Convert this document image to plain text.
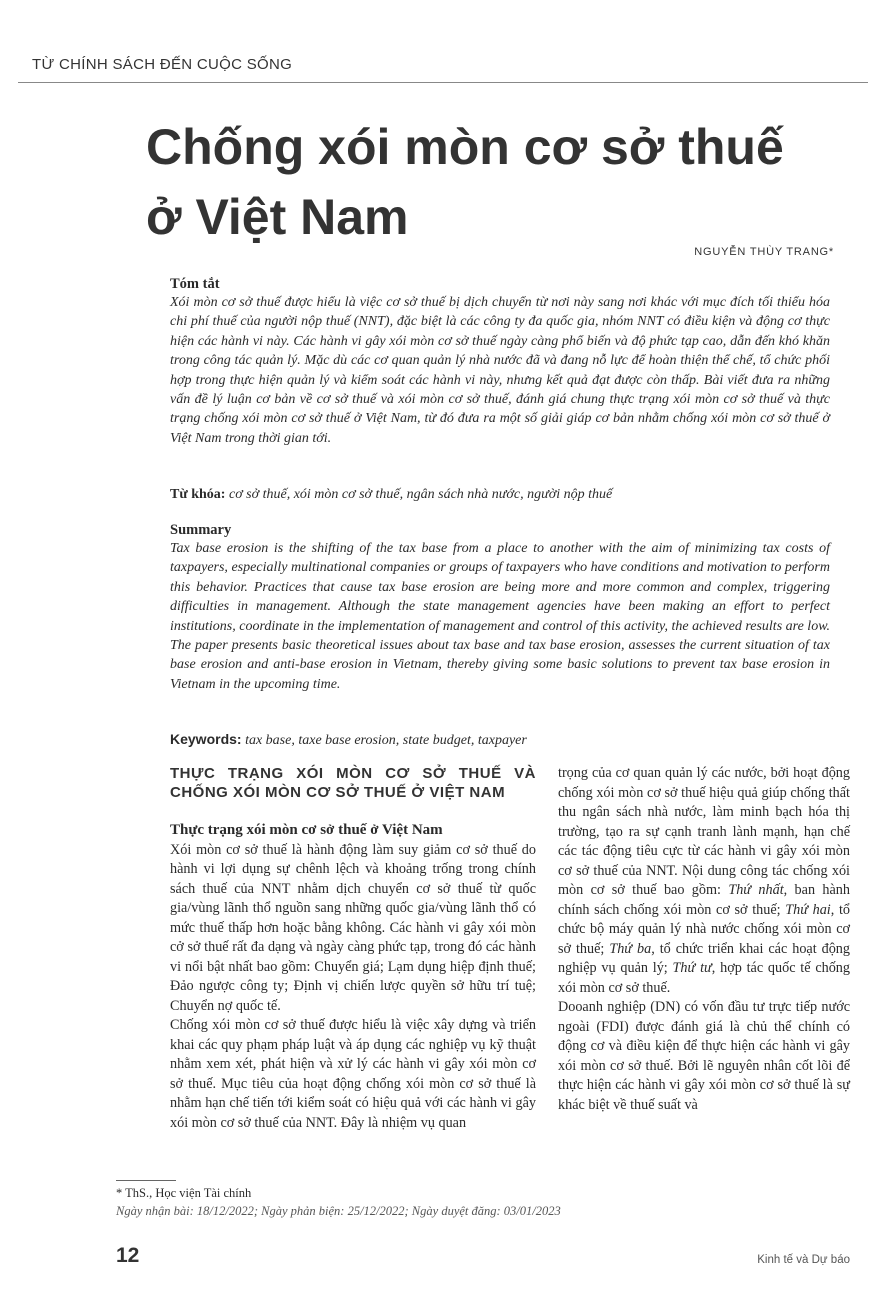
TỪ CHÍNH SÁCH ĐẾN CUỘC SỐNG
Chống xói mòn cơ sở thuế
ở Việt Nam
NGUYỄN THÙY TRANG*
Tóm tắt
Xói mòn cơ sở thuế được hiểu là việc cơ sở thuế bị dịch chuyển từ nơi này sang nơi khác với mục đích tối thiểu hóa chi phí thuế của người nộp thuế (NNT), đặc biệt là các công ty đa quốc gia, nhóm NNT có điều kiện và động cơ thực hiện các hành vi này. Các hành vi gây xói mòn cơ sở thuế ngày càng phổ biến và độ phức tạp cao, dẫn đến khó khăn trong công tác quản lý. Mặc dù các cơ quan quản lý nhà nước đã và đang nỗ lực để hoàn thiện thể chế, tổ chức phối hợp trong thực hiện quản lý và kiểm soát các hành vi này, nhưng kết quả đạt được còn thấp. Bài viết đưa ra những vấn đề lý luận cơ bản về cơ sở thuế và xói mòn cơ sở thuế, đánh giá chung thực trạng xói mòn cơ sở thuế và thực trạng chống xói mòn cơ sở thuế ở Việt Nam, từ đó đưa ra một số giải giáp cơ bản nhằm chống xói mòn cơ sở thuế ở Việt Nam trong thời gian tới.
Từ khóa: cơ sở thuế, xói mòn cơ sở thuế, ngân sách nhà nước, người nộp thuế
Summary
Tax base erosion is the shifting of the tax base from a place to another with the aim of minimizing tax costs of taxpayers, especially multinational companies or groups of taxpayers who have conditions and motivation to perform this behavior. Practices that cause tax base erosion are being more and more common and complex, triggering difficulties in management. Although the state management agencies have been making an effort to perfect institutions, coordinate in the implementation of management and control of this activity, the achieved results are low. The paper presents basic theoretical issues about tax base and tax base erosion, assesses the current situation of tax base erosion and anti-base erosion in Vietnam, thereby giving some basic solutions to prevent tax base erosion in Vietnam in the upcoming time.
Keywords: tax base, taxe base erosion, state budget, taxpayer
THỰC TRẠNG XÓI MÒN CƠ SỞ THUẾ VÀ CHỐNG XÓI MÒN CƠ SỞ THUẾ Ở VIỆT NAM
Thực trạng xói mòn cơ sở thuế ở Việt Nam

Xói mòn cơ sở thuế là hành động làm suy giảm cơ sở thuế do hành vi lợi dụng sự chênh lệch và khoảng trống trong chính sách thuế của NNT nhằm dịch chuyển cơ sở thuế từ quốc gia/vùng lãnh thổ nguồn sang những quốc gia/vùng lãnh thổ có mức thuế thấp hơn hoặc bằng không. Các hành vi gây xói mòn cở sở thuế rất đa dạng và ngày càng phức tạp, trong đó các hành vi nổi bật nhất bao gồm: Chuyển giá; Lạm dụng hiệp định thuế; Đảo ngược công ty; Định vị chiến lược quyền sở hữu trí tuệ; Chuyển nợ quốc tế.

Chống xói mòn cơ sở thuế được hiểu là việc xây dựng và triển khai các quy phạm pháp luật và áp dụng các nghiệp vụ kỹ thuật nhằm xem xét, phát hiện và xử lý các hành vi gây xói mòn cơ sở thuế. Mục tiêu của hoạt động chống xói mòn cơ sở thuế là nhằm hạn chế tiến tới kiểm soát có hiệu quả với các hành vi gây xói mòn cơ sở thuế của NNT. Đây là nhiệm vụ quan

trọng của cơ quan quản lý các nước, bởi hoạt động chống xói mòn cơ sở thuế hiệu quả giúp chống thất thu ngân sách nhà nước, làm minh bạch hóa thị trường, tạo ra sự cạnh tranh lành mạnh, hạn chế các tác động tiêu cực từ các hành vi gây xói mòn cơ sở thuế của NNT. Nội dung công tác chống xói mòn cơ sở thuế bao gồm: Thứ nhất, ban hành chính sách chống xói mòn cơ sở thuế; Thứ hai, tổ chức bộ máy quản lý nhà nước chống xói mòn cơ sở thuế; Thứ ba, tổ chức triển khai các hoạt động nghiệp vụ quản lý; Thứ tư, hợp tác quốc tế chống xói mòn cơ sở thuế.

Dooanh nghiệp (DN) có vốn đầu tư trực tiếp nước ngoài (FDI) được đánh giá là chủ thể chính có động cơ và điều kiện để thực hiện các hành vi gây xói mòn cơ sở thuế. Bởi lẽ nguyên nhân cốt lõi để thực hiện các hành vi gây xói mòn cơ sở thuế là sự khác biệt về thuế suất và

* ThS., Học viện Tài chính
Ngày nhận bài: 18/12/2022; Ngày phản biện: 25/12/2022; Ngày duyệt đăng: 03/01/2023
12	Kinh tế và Dự báo
